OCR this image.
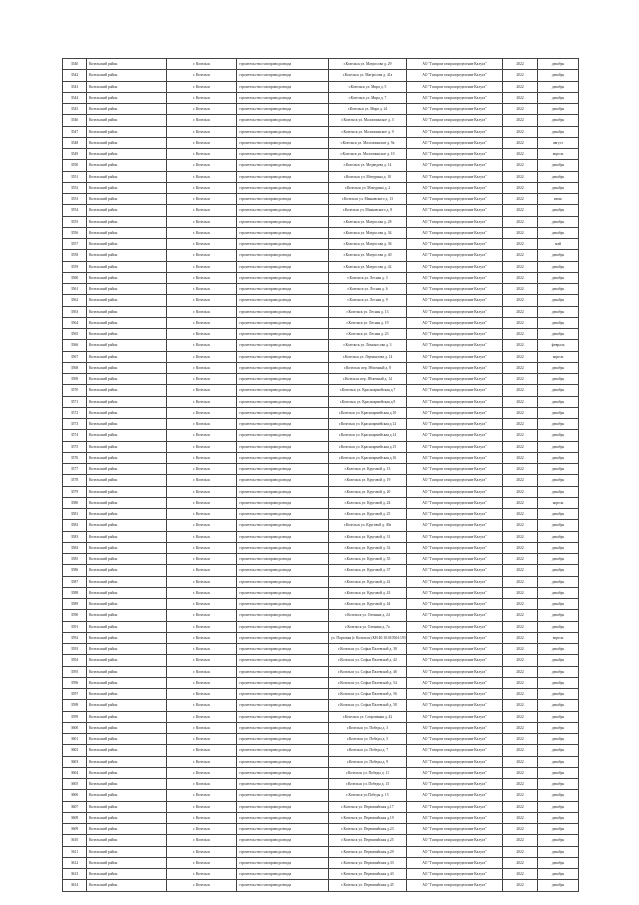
3540	Козельский район	г. Козельск	строительство газопровода ввода	г.Козельск ул. Матросова д. 29	АО "Газпром газораспределение Калуга"	2022	декабрь
3542	Козельский район	г. Козельск	строительство газопровода ввода	г.Козельск ул. Матросова д. 41а	АО "Газпром газораспределение Калуга"	2022	декабрь
3543	Козельский район	г. Козельск	строительство газопровода ввода	г.Козельск ул. Мира д. 5	АО "Газпром газораспределение Калуга"	2022	декабрь
3544	Козельский район	г. Козельск	строительство газопровода ввода	г.Козельск ул. Мира д. 7	АО "Газпром газораспределение Калуга"	2022	декабрь
3545	Козельский район	г. Козельск	строительство газопровода ввода	г.Козельск ул. Мира д. 24	АО "Газпром газораспределение Калуга"	2022	декабрь
3546	Козельский район	г. Козельск	строительство газопровода ввода	г.Козельск ул. Малоопинское д. 3	АО "Газпром газораспределение Калуга"	2022	декабрь
3547	Козельский район	г. Козельск	строительство газопровода ввода	г.Козельск ул. Малоопинское д. 9	АО "Газпром газораспределение Калуга"	2022	декабрь
3548	Козельский район	г. Козельск	строительство газопровода ввода	г.Козельск ул. Малоопинское д. 9а	АО "Газпром газораспределение Калуга"	2022	август
3549	Козельский район	г. Козельск	строительство газопровода ввода	г.Козельск ул. Малоопинское д. 10	АО "Газпром газораспределение Калуга"	2022	апрель
3550	Козельский район	г. Козельск	строительство газопровода ввода	г.Козельск ул. Медведева д. 14	АО "Газпром газораспределение Калуга"	2022	декабрь
3551	Козельский район	г. Козельск	строительство газопровода ввода	г.Козельск ул. Мичурина д. 10	АО "Газпром газораспределение Калуга"	2022	декабрь
3552	Козельский район	г. Козельск	строительство газопровода ввода	г.Козельск ул. Мичурина д. 2	АО "Газпром газораспределение Калуга"	2022	декабрь
3553	Козельский район	г. Козельск	строительство газопровода ввода	г.Козельск ул. Маяковского д. 13	АО "Газпром газораспределение Калуга"	2022	июль
3554	Козельский район	г. Козельск	строительство газопровода ввода	г.Козельск ул. Маяковского д. 8	АО "Газпром газораспределение Калуга"	2022	декабрь
3555	Козельский район	г. Козельск	строительство газопровода ввода	г.Козельск ул. Матросова д. 28	АО "Газпром газораспределение Калуга"	2022	декабрь
3556	Козельский район	г. Козельск	строительство газопровода ввода	г.Козельск ул. Матросова д. 34	АО "Газпром газораспределение Калуга"	2022	декабрь
3557	Козельский район	г. Козельск	строительство газопровода ввода	г.Козельск ул. Матросова д. 36	АО "Газпром газораспределение Калуга"	2022	май
3558	Козельский район	г. Козельск	строительство газопровода ввода	г.Козельск ул. Матросова д. 40	АО "Газпром газораспределение Калуга"	2022	декабрь
3559	Козельский район	г. Козельск	строительство газопровода ввода	г.Козельск ул. Матросова д. 42	АО "Газпром газораспределение Калуга"	2022	декабрь
3560	Козельский район	г. Козельск	строительство газопровода ввода	г.Козельск ул. Лесная д. 3	АО "Газпром газораспределение Калуга"	2022	декабрь
3561	Козельский район	г. Козельск	строительство газопровода ввода	г.Козельск ул. Лесная д. 6	АО "Газпром газораспределение Калуга"	2022	декабрь
3562	Козельский район	г. Козельск	строительство газопровода ввода	г.Козельск ул. Лесная д. 9	АО "Газпром газораспределение Калуга"	2022	декабрь
3563	Козельский район	г. Козельск	строительство газопровода ввода	г.Козельск ул. Лесная д. 13	АО "Газпром газораспределение Калуга"	2022	декабрь
3564	Козельский район	г. Козельск	строительство газопровода ввода	г.Козельск ул. Лесная д. 19	АО "Газпром газораспределение Калуга"	2022	декабрь
3565	Козельский район	г. Козельск	строительство газопровода ввода	г.Козельск ул. Лесная д. 23	АО "Газпром газораспределение Калуга"	2022	декабрь
3566	Козельский район	г. Козельск	строительство газопровода ввода	г.Козельск ул. Ломоносова д. 3	АО "Газпром газораспределение Калуга"	2022	февраль
3567	Козельский район	г. Козельск	строительство газопровода ввода	г.Козельск ул. Лермонтова д. 14	АО "Газпром газораспределение Калуга"	2022	апрель
3568	Козельский район	г. Козельск	строительство газопровода ввода	г.Козельск пер. Яблочный д. 8	АО "Газпром газораспределение Калуга"	2022	декабрь
3569	Козельский район	г. Козельск	строительство газопровода ввода	г.Козельск пер. Яблочный д. 14	АО "Газпром газораспределение Калуга"	2022	декабрь
3570	Козельский район	г. Козельск	строительство газопровода ввода	г.Козельск ул. Красноармейская д.7	АО "Газпром газораспределение Калуга"	2022	декабрь
3571	Козельский район	г. Козельск	строительство газопровода ввода	г.Козельск ул. Красноармейская д.9	АО "Газпром газораспределение Калуга"	2022	декабрь
3572	Козельский район	г. Козельск	строительство газопровода ввода	г.Козельск ул. Красноармейская д.10	АО "Газпром газораспределение Калуга"	2022	декабрь
3573	Козельский район	г. Козельск	строительство газопровода ввода	г.Козельск ул. Красноармейская д.12	АО "Газпром газораспределение Калуга"	2022	декабрь
3574	Козельский район	г. Козельск	строительство газопровода ввода	г.Козельск ул. Красноармейская д.14	АО "Газпром газораспределение Калуга"	2022	декабрь
3575	Козельский район	г. Козельск	строительство газопровода ввода	г.Козельск ул. Красноармейская д.15	АО "Газпром газораспределение Калуга"	2022	декабрь
3576	Козельский район	г. Козельск	строительство газопровода ввода	г.Козельск ул. Красноармейская д.16	АО "Газпром газораспределение Калуга"	2022	декабрь
3577	Козельский район	г. Козельск	строительство газопровода ввода	г.Козельск ул. Круговой д. 13	АО "Газпром газораспределение Калуга"	2022	декабрь
3578	Козельский район	г. Козельск	строительство газопровода ввода	г.Козельск ул. Круговой д. 19	АО "Газпром газораспределение Калуга"	2022	декабрь
3579	Козельский район	г. Козельск	строительство газопровода ввода	г.Козельск ул. Круговой д. 20	АО "Газпром газораспределение Калуга"	2022	декабрь
3580	Козельский район	г. Козельск	строительство газопровода ввода	г.Козельск ул. Круговой д. 24	АО "Газпром газораспределение Калуга"	2022	апрель
3581	Козельский район	г. Козельск	строительство газопровода ввода	г.Козельск ул. Круговой д. 25	АО "Газпром газораспределение Калуга"	2022	декабрь
3582	Козельский район	г. Козельск	строительство газопровода ввода	г.Козельск ул. Круговой д. 30а	АО "Газпром газораспределение Калуга"	2022	декабрь
3583	Козельский район	г. Козельск	строительство газопровода ввода	г.Козельск ул. Круговой д. 31	АО "Газпром газораспределение Калуга"	2022	декабрь
3584	Козельский район	г. Козельск	строительство газопровода ввода	г.Козельск ул. Круговой д. 32	АО "Газпром газораспределение Калуга"	2022	декабрь
3585	Козельский район	г. Козельск	строительство газопровода ввода	г.Козельск ул. Круговой д. 35	АО "Газпром газораспределение Калуга"	2022	декабрь
3586	Козельский район	г. Козельск	строительство газопровода ввода	г.Козельск ул. Круговой д. 37	АО "Газпром газораспределение Калуга"	2022	декабрь
3587	Козельский район	г. Козельск	строительство газопровода ввода	г.Козельск ул. Круговой д. 42	АО "Газпром газораспределение Калуга"	2022	декабрь
3588	Козельский район	г. Козельск	строительство газопровода ввода	г.Козельск ул. Круговой д. 43	АО "Газпром газораспределение Калуга"	2022	декабрь
3589	Козельский район	г. Козельск	строительство газопровода ввода	г.Козельск ул. Круговой д. 44	АО "Газпром газораспределение Калуга"	2022	декабрь
3590	Козельский район	г. Козельск	строительство газопровода ввода	г.Козельск ул. Оленина д. 24	АО "Газпром газораспределение Калуга"	2022	декабрь
3591	Козельский район	г. Козельск	строительство газопровода ввода	г.Козельск ул. Оленина д. 7а	АО "Газпром газораспределение Калуга"	2022	декабрь
3592	Козельский район	г. Козельск	строительство газопровода ввода	ул. Портовая (г. Козельск) КН 40:10:010504:193	АО "Газпром газораспределение Калуга"	2022	апрель
3593	Козельский район	г. Козельск	строительство газопровода ввода	г.Козельск ул. Софьи Палевской д. 38	АО "Газпром газораспределение Калуга"	2022	декабрь
3594	Козельский район	г. Козельск	строительство газопровода ввода	г.Козельск ул. Софьи Палевской д. 42	АО "Газпром газораспределение Калуга"	2022	декабрь
3595	Козельский район	г. Козельск	строительство газопровода ввода	г.Козельск ул. Софьи Палевской д. 46	АО "Газпром газораспределение Калуга"	2022	декабрь
3596	Козельский район	г. Козельск	строительство газопровода ввода	г.Козельск ул. Софьи Палевской д. 54	АО "Газпром газораспределение Калуга"	2022	декабрь
3597	Козельский район	г. Козельск	строительство газопровода ввода	г.Козельск ул. Софьи Палевской д. 56	АО "Газпром газораспределение Калуга"	2022	декабрь
3598	Козельский район	г. Козельск	строительство газопровода ввода	г.Козельск ул. Софьи Палевской д. 58	АО "Газпром газораспределение Калуга"	2022	декабрь
3599	Козельский район	г. Козельск	строительство газопровода ввода	г.Козельск ул. Спортивная д. 42	АО "Газпром газораспределение Калуга"	2022	декабрь
3600	Козельский район	г. Козельск	строительство газопровода ввода	г.Козельск ул. Победы д. 3	АО "Газпром газораспределение Калуга"	2022	декабрь
3601	Козельский район	г. Козельск	строительство газопровода ввода	г.Козельск ул. Победы д. 5	АО "Газпром газораспределение Калуга"	2022	декабрь
3602	Козельский район	г. Козельск	строительство газопровода ввода	г.Козельск ул. Победы д. 7	АО "Газпром газораспределение Калуга"	2022	декабрь
3603	Козельский район	г. Козельск	строительство газопровода ввода	г.Козельск ул. Победы д. 9	АО "Газпром газораспределение Калуга"	2022	декабрь
3604	Козельский район	г. Козельск	строительство газопровода ввода	г.Козельск ул. Победы д. 11	АО "Газпром газораспределение Калуга"	2022	декабрь
3605	Козельский район	г. Козельск	строительство газопровода ввода	г.Козельск ул. Победы д. 13	АО "Газпром газораспределение Калуга"	2022	декабрь
3606	Козельский район	г. Козельск	строительство газопровода ввода	г.Козельск ул.Победы д. 15	АО "Газпром газораспределение Калуга"	2022	декабрь
3607	Козельский район	г. Козельск	строительство газопровода ввода	г.Козельск ул. Первомайская д.17	АО "Газпром газораспределение Калуга"	2022	декабрь
3608	Козельский район	г. Козельск	строительство газопровода ввода	г.Козельск ул. Первомайская д.19	АО "Газпром газораспределение Калуга"	2022	декабрь
3609	Козельский район	г. Козельск	строительство газопровода ввода	г.Козельск ул. Первомайская д.23	АО "Газпром газораспределение Калуга"	2022	декабрь
3610	Козельский район	г. Козельск	строительство газопровода ввода	г.Козельск ул. Первомайская д.25	АО "Газпром газораспределение Калуга"	2022	декабрь
3611	Козельский район	г. Козельск	строительство газопровода ввода	г.Козельск ул. Первомайская д.29	АО "Газпром газораспределение Калуга"	2022	декабрь
3612	Козельский район	г. Козельск	строительство газопровода ввода	г.Козельск ул. Первомайская д.33	АО "Газпром газораспределение Калуга"	2022	декабрь
3613	Козельский район	г. Козельск	строительство газопровода ввода	г.Козельск ул. Первомайская д.43	АО "Газпром газораспределение Калуга"	2022	декабрь
3614	Козельский район	г. Козельск	строительство газопровода ввода	г.Козельск ул. Первомайская д.45	АО "Газпром газораспределение Калуга"	2022	декабрь
